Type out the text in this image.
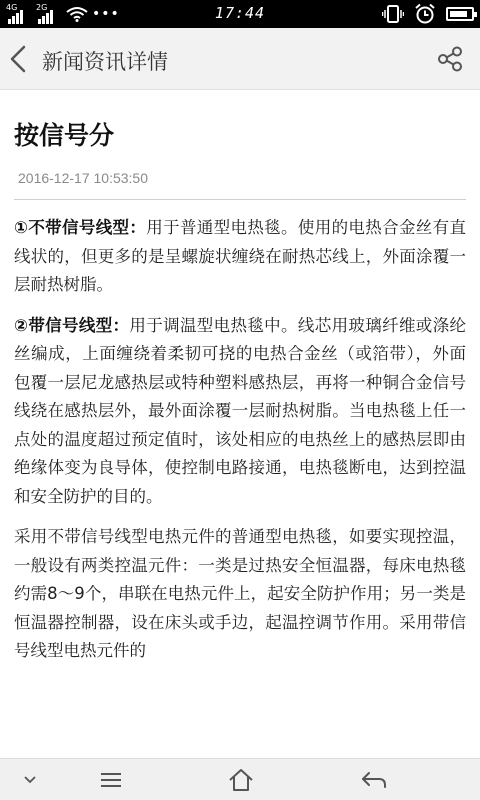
4G 2G	•••	17:44
新闻资讯详情
按信号分
2016-12-17 10:53:50

①不带信号线型：用于普通型电热毯。使用的电热合金丝有直线状的，但更多的是呈螺旋状缠绕在耐热芯线上，外面涂覆一层耐热树脂。

②带信号线型：用于调温型电热毯中。线芯用玻璃纤维或涤纶丝编成，上面缠绕着柔韧可挠的电热合金丝（或箔带），外面包覆一层尼龙感热层或特种塑料感热层，再将一种铜合金信号线绕在感热层外，最外面涂覆一层耐热树脂。当电热毯上任一点处的温度超过预定值时，该处相应的电热丝上的感热层即由绝缘体变为良导体，使控制电路接通，电热毯断电，达到控温和安全防护的目的。

采用不带信号线型电热元件的普通型电热毯，如要实现控温，一般设有两类控温元件：一类是过热安全恒温器，每床电热毯约需8～9个，串联在电热元件上，起安全防护作用；另一类是恒温器控制器，设在床头或手边，起温控调节作用。采用带信号线型电热元件的
